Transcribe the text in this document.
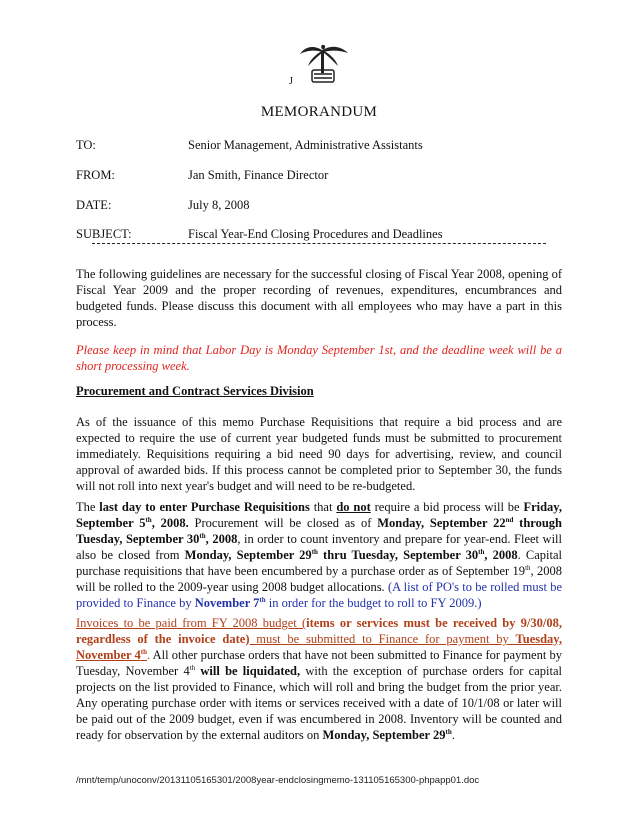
J
MEMORANDUM
TO:	Senior Management, Administrative Assistants
FROM:	Jan Smith, Finance Director
DATE:	July 8, 2008
SUBJECT:	Fiscal Year-End Closing Procedures and Deadlines
The following guidelines are necessary for the successful closing of Fiscal Year 2008, opening of Fiscal Year 2009 and the proper recording of revenues, expenditures, encumbrances and budgeted funds. Please discuss this document with all employees who may have a part in this process.
Please keep in mind that Labor Day is Monday September 1st, and the deadline week will be a short processing week.
Procurement and Contract Services Division
As of the issuance of this memo Purchase Requisitions that require a bid process and are expected to require the use of current year budgeted funds must be submitted to procurement immediately. Requisitions requiring a bid need 90 days for advertising, review, and council approval of awarded bids. If this process cannot be completed prior to September 30, the funds will not roll into next year's budget and will need to be re-budgeted.
The last day to enter Purchase Requisitions that do not require a bid process will be Friday, September 5th, 2008. Procurement will be closed as of Monday, September 22nd through Tuesday, September 30th, 2008, in order to count inventory and prepare for year-end. Fleet will also be closed from Monday, September 29th thru Tuesday, September 30th, 2008. Capital purchase requisitions that have been encumbered by a purchase order as of September 19th, 2008 will be rolled to the 2009-year using 2008 budget allocations. (A list of PO's to be rolled must be provided to Finance by November 7th in order for the budget to roll to FY 2009.)
Invoices to be paid from FY 2008 budget (items or services must be received by 9/30/08, regardless of the invoice date) must be submitted to Finance for payment by Tuesday, November 4th. All other purchase orders that have not been submitted to Finance for payment by Tuesday, November 4th will be liquidated, with the exception of purchase orders for capital projects on the list provided to Finance, which will roll and bring the budget from the prior year. Any operating purchase order with items or services received with a date of 10/1/08 or later will be paid out of the 2009 budget, even if was encumbered in 2008. Inventory will be counted and ready for observation by the external auditors on Monday, September 29th.
/mnt/temp/unoconv/20131105165301/2008year-endclosingmemo-131105165300-phpapp01.doc
